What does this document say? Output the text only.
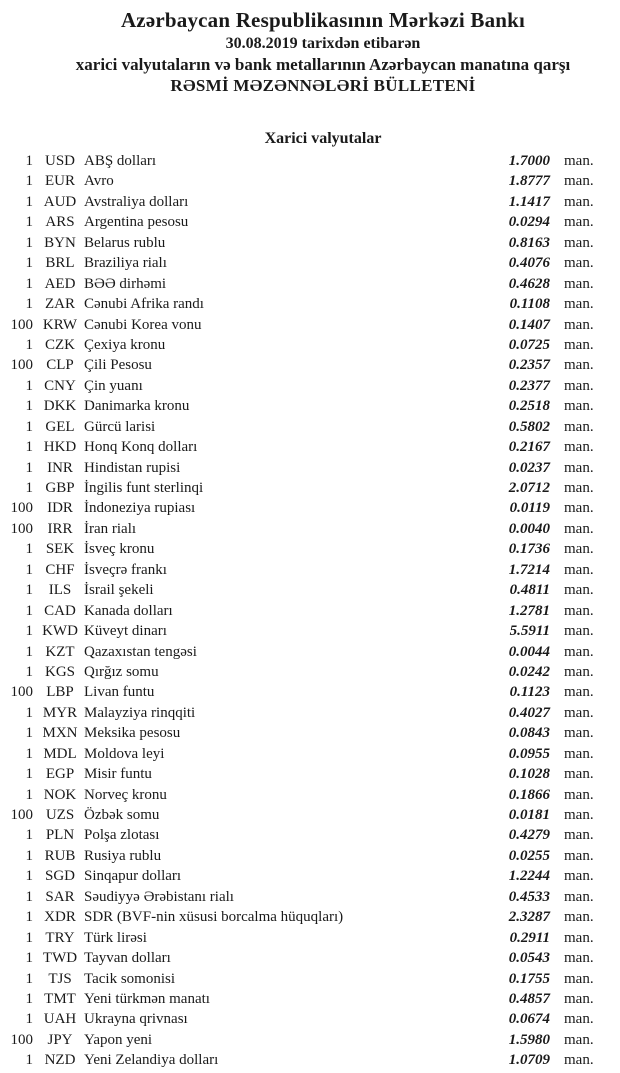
Azərbaycan Respublikasının Mərkəzi Bankı
30.08.2019 tarixdən etibarən
xarici valyutaların və bank metallarının Azərbaycan manatına qarşı
RƏSMİ MƏZƏNNƏLƏRİ BÜLLETENİ
Xarici valyutalar
1 USD ABŞ dolları	1.7000 man.
1 EUR Avro	1.8777 man.
1 AUD Avstraliya dolları	1.1417 man.
1 ARS Argentina pesosu	0.0294 man.
1 BYN Belarus rublu	0.8163 man.
1 BRL Braziliya rialı	0.4076 man.
1 AED BƏƏ dirhəmi	0.4628 man.
1 ZAR Cənubi Afrika randı	0.1108 man.
100 KRW Cənubi Korea vonu	0.1407 man.
1 CZK Çexiya kronu	0.0725 man.
100 CLP Çili Pesosu	0.2357 man.
1 CNY Çin yuanı	0.2377 man.
1 DKK Danimarka kronu	0.2518 man.
1 GEL Gürcü larisi	0.5802 man.
1 HKD Honq Konq dolları	0.2167 man.
1 INR Hindistan rupisi	0.0237 man.
1 GBP İngilis funt sterlinqi	2.0712 man.
100 IDR İndoneziya rupiası	0.0119 man.
100 IRR İran rialı	0.0040 man.
1 SEK İsveç kronu	0.1736 man.
1 CHF İsveçrə frankı	1.7214 man.
1	ILS İsrail şekeli	0.4811 man.
1 CAD Kanada dolları	1.2781 man.
1 KWD Küveyt dinarı	5.5911 man.
1 KZT Qazaxıstan tengəsi	0.0044 man.
1 KGS Qırğız somu	0.0242 man.
100 LBP Livan funtu	0.1123 man.
1 MYR Malayziya rinqqiti	0.4027 man.
1 MXN Meksika pesosu	0.0843 man.
1 MDL Moldova leyi	0.0955 man.
1 EGP Misir funtu	0.1028 man.
1 NOK Norveç kronu	0.1866 man.
100 UZS Özbək somu	0.0181 man.
1 PLN Polşa zlotası	0.4279 man.
1 RUB Rusiya rublu	0.0255 man.
1 SGD Sinqapur dolları	1.2244 man.
1 SAR Səudiyyə Ərəbistanı rialı	0.4533 man.
1 XDR SDR (BVF-nin xüsusi borcalma hüquqları)	2.3287 man.
1 TRY Türk lirəsi	0.2911 man.
1 TWD Tayvan dolları	0.0543 man.
1	TJS Tacik somonisi	0.1755 man.
1 TMT Yeni türkmən manatı	0.4857 man.
1 UAH Ukrayna qrivnası	0.0674 man.
100 JPY Yapon yeni	1.5980 man.
1 NZD Yeni Zelandiya dolları	1.0709 man.
